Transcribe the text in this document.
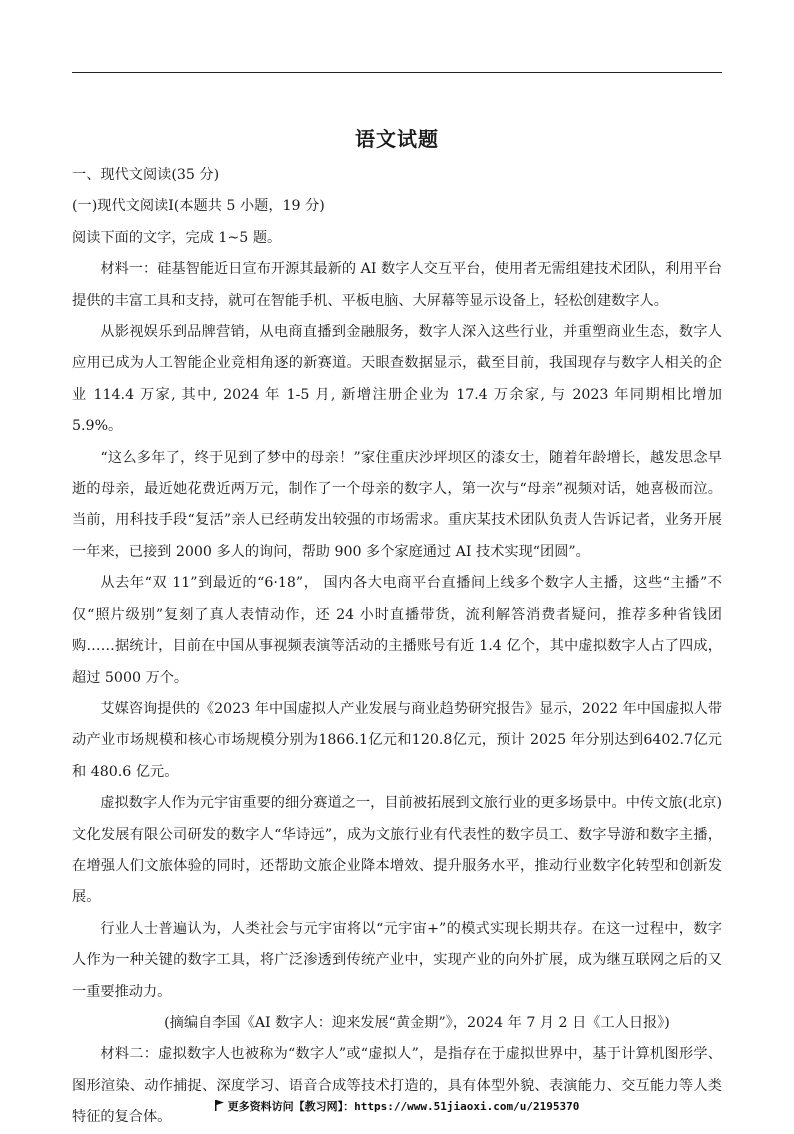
语文试题

一、现代文阅读(35 分)

(一)现代文阅读Ⅰ(本题共 5 小题，19 分)

阅读下面的文字，完成 1~5 题。

材料一：硅基智能近日宣布开源其最新的 AI 数字人交互平台，使用者无需组建技术团队，利用平台提供的丰富工具和支持，就可在智能手机、平板电脑、大屏幕等显示设备上，轻松创建数字人。

从影视娱乐到品牌营销，从电商直播到金融服务，数字人深入这些行业，并重塑商业生态，数字人应用已成为人工智能企业竞相角逐的新赛道。天眼查数据显示，截至目前，我国现存与数字人相关的企业 114.4 万家, 其中, 2024 年 1-5 月, 新增注册企业为 17.4 万余家, 与 2023 年同期相比增加 5.9%。

“这么多年了，终于见到了梦中的母亲！”家住重庆沙坪坝区的漆女士，随着年龄增长，越发思念早逝的母亲，最近她花费近两万元，制作了一个母亲的数字人，第一次与“母亲”视频对话，她喜极而泣。 当前，用科技手段“复活”亲人已经萌发出较强的市场需求。重庆某技术团队负责人告诉记者，业务开展一年来，已接到 2000 多人的询问，帮助 900 多个家庭通过 AI 技术实现“团圆”。

从去年“双 11”到最近的“6·18”， 国内各大电商平台直播间上线多个数字人主播，这些“主播”不仅“照片级别”复刻了真人表情动作，还 24 小时直播带货，流利解答消费者疑问，推荐多种省钱团购……据统计，目前在中国从事视频表演等活动的主播账号有近 1.4 亿个，其中虚拟数字人占了四成，超过 5000 万个。

艾媒咨询提供的《2023 年中国虚拟人产业发展与商业趋势研究报告》显示，2022 年中国虚拟人带动产业市场规模和核心市场规模分别为1866.1亿元和120.8亿元，预计 2025 年分别达到6402.7亿元和 480.6 亿元。

虚拟数字人作为元宇宙重要的细分赛道之一，目前被拓展到文旅行业的更多场景中。中传文旅(北京)文化发展有限公司研发的数字人“华诗远”，成为文旅行业有代表性的数字员工、数字导游和数字主播，在增强人们文旅体验的同时，还帮助文旅企业降本增效、提升服务水平，推动行业数字化转型和创新发展。

行业人士普遍认为，人类社会与元宇宙将以“元宇宙+”的模式实现长期共存。在这一过程中，数字人作为一种关键的数字工具，将广泛渗透到传统产业中，实现产业的向外扩展，成为继互联网之后的又一重要推动力。

(摘编自李国《AI 数字人：迎来发展“黄金期”》，2024 年 7 月 2 日《工人日报》)

材料二：虚拟数字人也被称为“数字人”或“虚拟人”，是指存在于虚拟世界中，基于计算机图形学、图形渲染、动作捕捉、深度学习、语音合成等技术打造的，具有体型外貌、表演能力、交互能力等人类特征的复合体。

更多资料访问【教习网】：https://www.51jiaoxi.com/u/2195370
